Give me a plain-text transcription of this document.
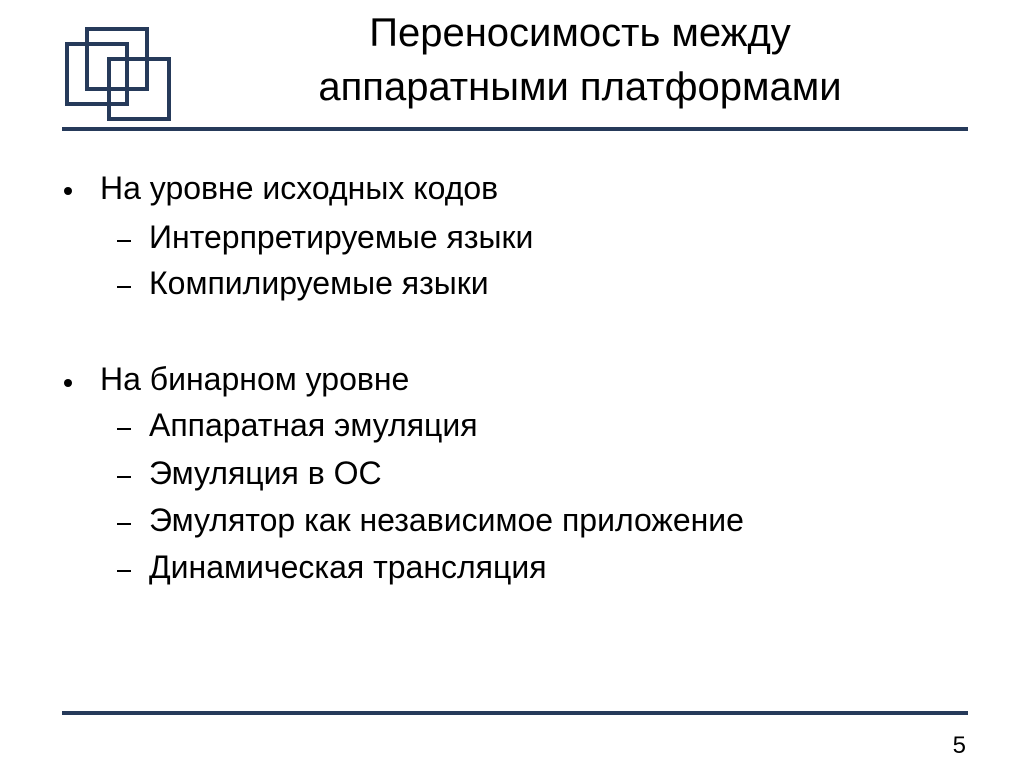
Переносимость между
аппаратными платформами
На уровне исходных кодов
Интерпретируемые языки
Компилируемые языки
На бинарном уровне
Аппаратная эмуляция
Эмуляция в ОС
Эмулятор как независимое приложение
Динамическая трансляция
5
